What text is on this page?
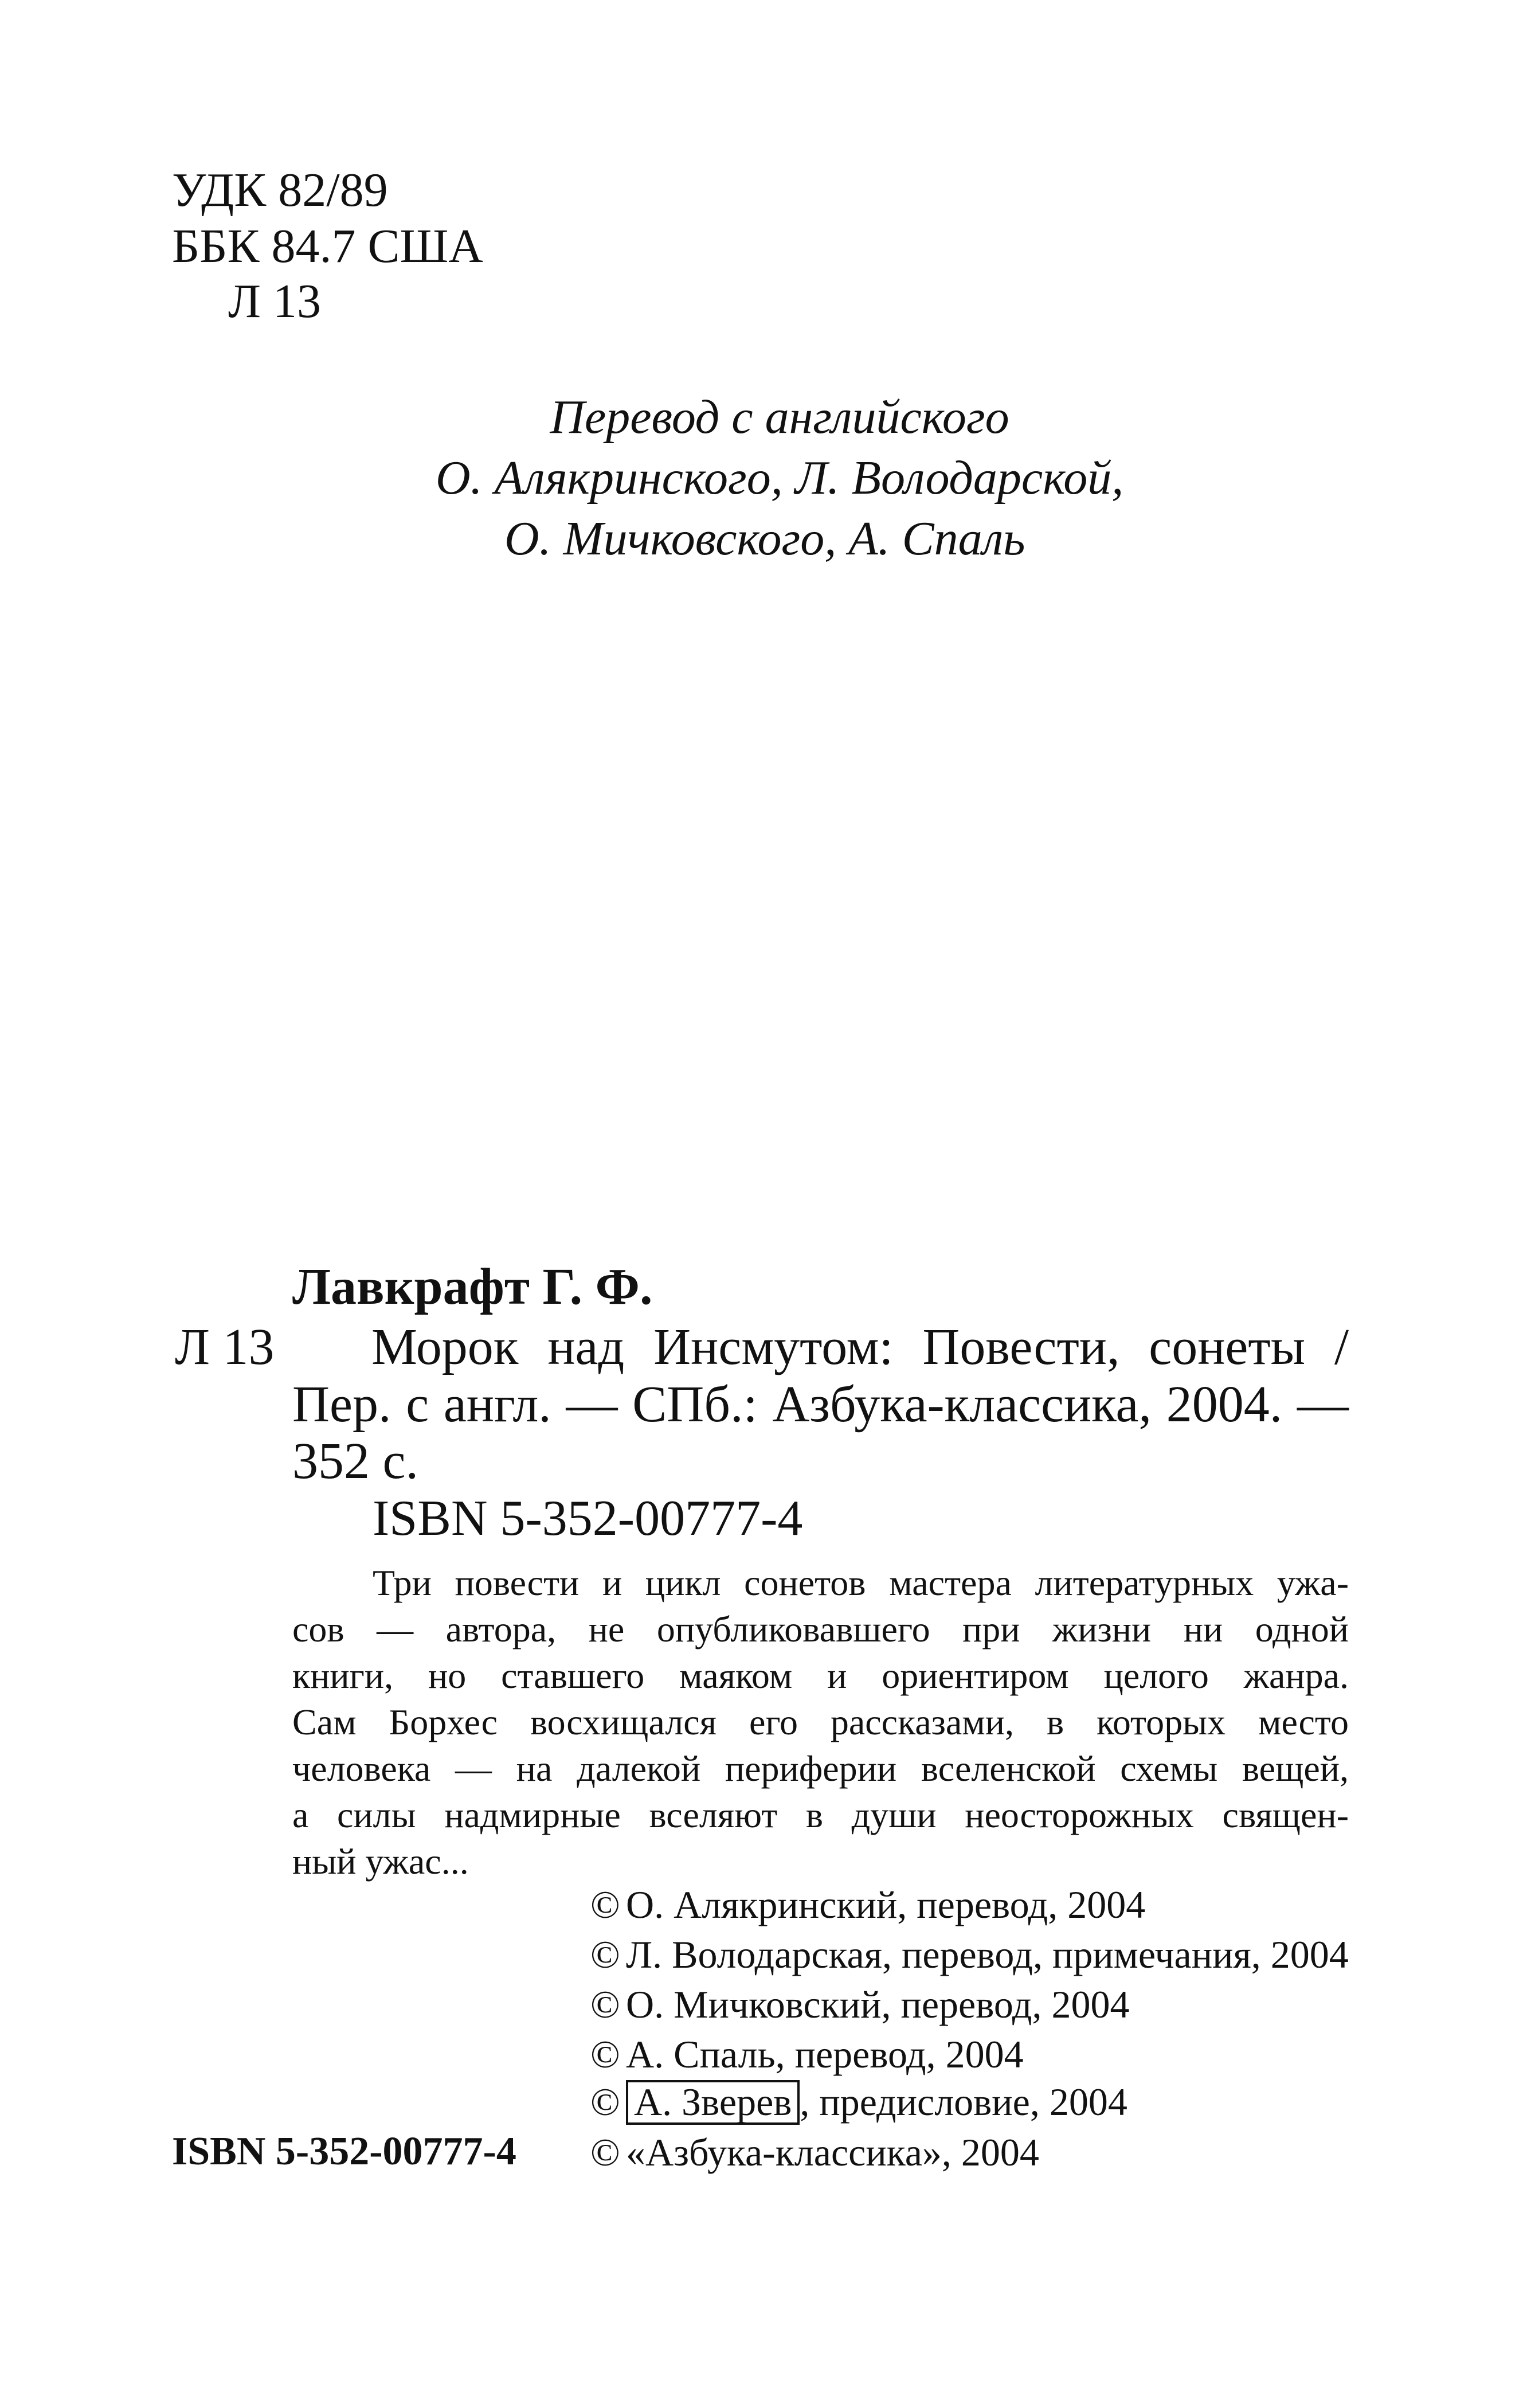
УДК 82/89
ББК 84.7 США
Л 13
Перевод с английского
О. Алякринского, Л. Володарской,
О. Мичковского, А. Спаль
Лавкрафт Г. Ф.
Л 13 Морок над Инсмутом: Повести, сонеты /
Пер. с англ. — СПб.: Азбука-классика, 2004. —
352 с.
ISBN 5-352-00777-4
Три повести и цикл сонетов мастера литературных ужа-
сов — автора, не опубликовавшего при жизни ни одной
книги, но ставшего маяком и ориентиром целого жанра.
Сам Борхес восхищался его рассказами, в которых место
человека — на далекой периферии вселенской схемы вещей,
а силы надмирные вселяют в души неосторожных священ-
ный ужас...
© О. Алякринский, перевод, 2004
© Л. Володарская, перевод, примечания, 2004
© О. Мичковский, перевод, 2004
© А. Спаль, перевод, 2004
© А. Зверев , предисловие, 2004
© «Азбука-классика», 2004
ISBN 5-352-00777-4
